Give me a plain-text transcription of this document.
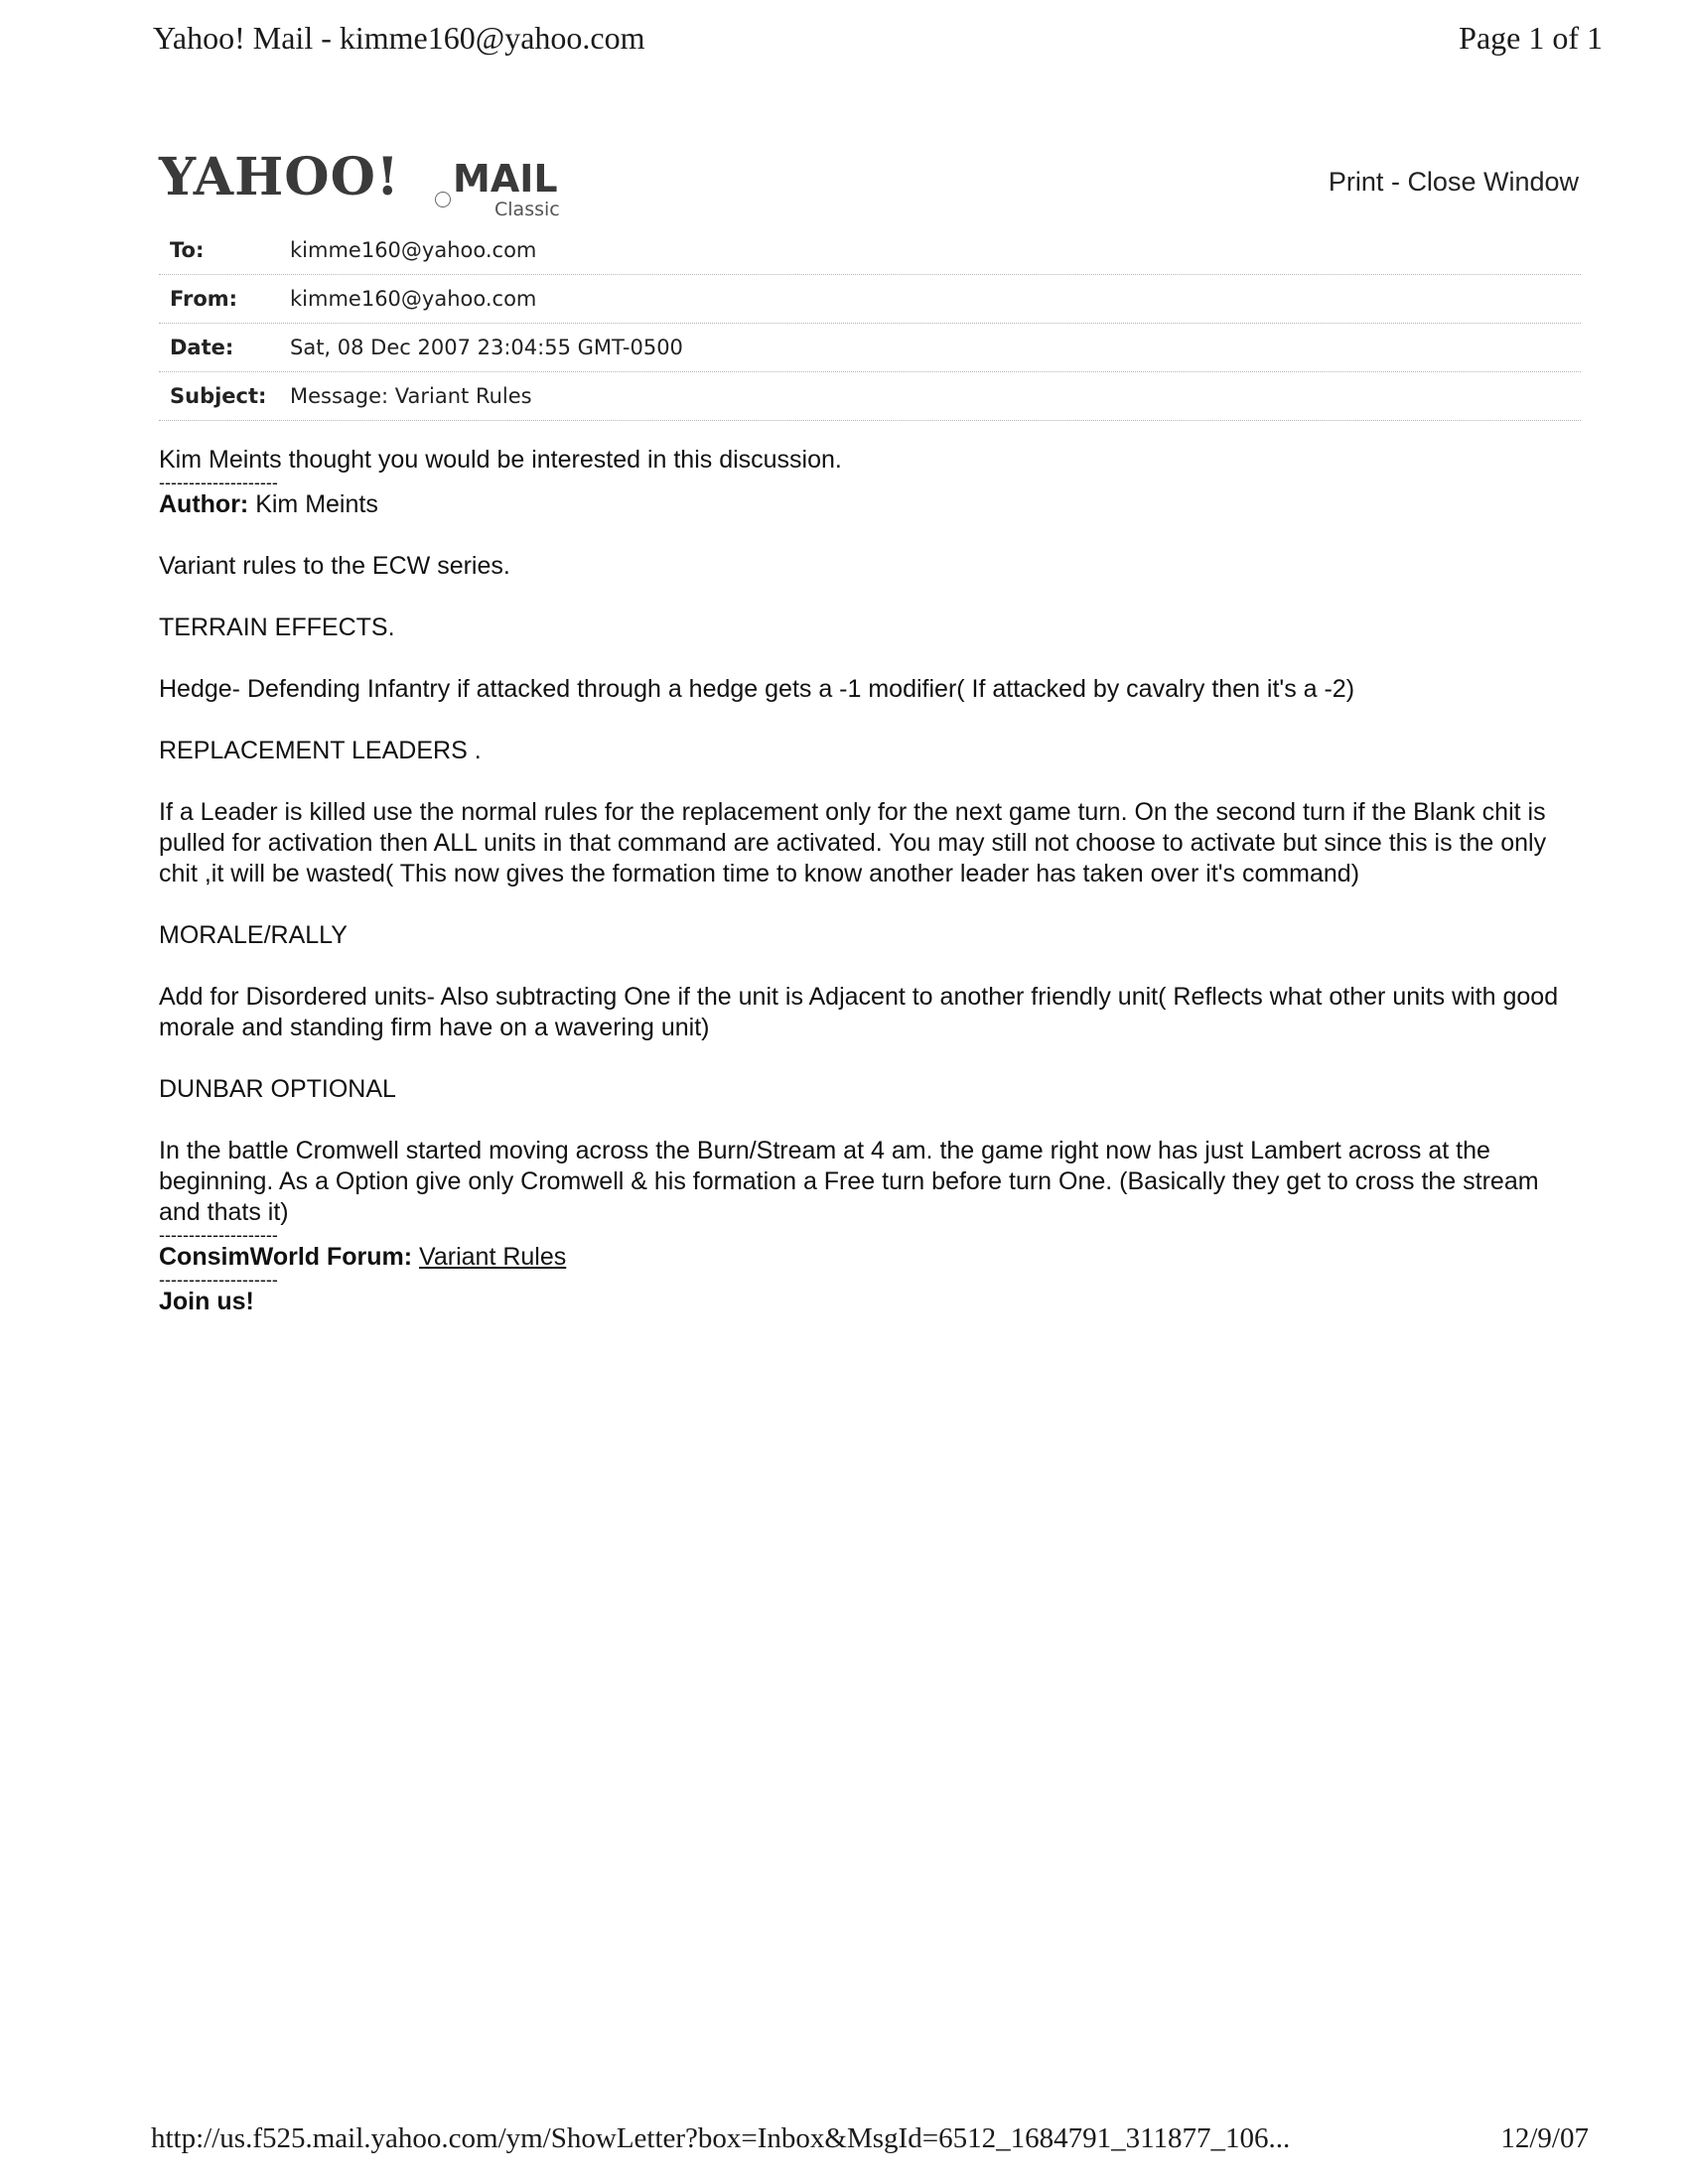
Yahoo! Mail - kimme160@yahoo.com	Page 1 of 1
YAHOO! MAIL
Classic
Print - Close Window
To:	kimme160@yahoo.com
From:	kimme160@yahoo.com
Date:	Sat, 08 Dec 2007 23:04:55 GMT-0500
Subject: Message: Variant Rules

Kim Meints thought you would be interested in this discussion.

--------------------

Author: Kim Meints

Variant rules to the ECW series.

TERRAIN EFFECTS.

Hedge- Defending Infantry if attacked through a hedge gets a -1 modifier( If attacked by cavalry then it's a -2)

REPLACEMENT LEADERS .

If a Leader is killed use the normal rules for the replacement only for the next game turn. On the second turn if the Blank chit is pulled for activation then ALL units in that command are activated. You may still not choose to activate but since this is the only chit ,it will be wasted( This now gives the formation time to know another leader has taken over it's command)

MORALE/RALLY

Add for Disordered units- Also subtracting One if the unit is Adjacent to another friendly unit( Reflects what other units with good morale and standing firm have on a wavering unit)

DUNBAR OPTIONAL

In the battle Cromwell started moving across the Burn/Stream at 4 am. the game right now has just Lambert across at the beginning. As a Option give only Cromwell & his formation a Free turn before turn One. (Basically they get to cross the stream and thats it)

--------------------

ConsimWorld Forum: Variant Rules

--------------------

Join us!

http://us.f525.mail.yahoo.com/ym/ShowLetter?box=Inbox&MsgId=6512_1684791_311877_106...	12/9/07
